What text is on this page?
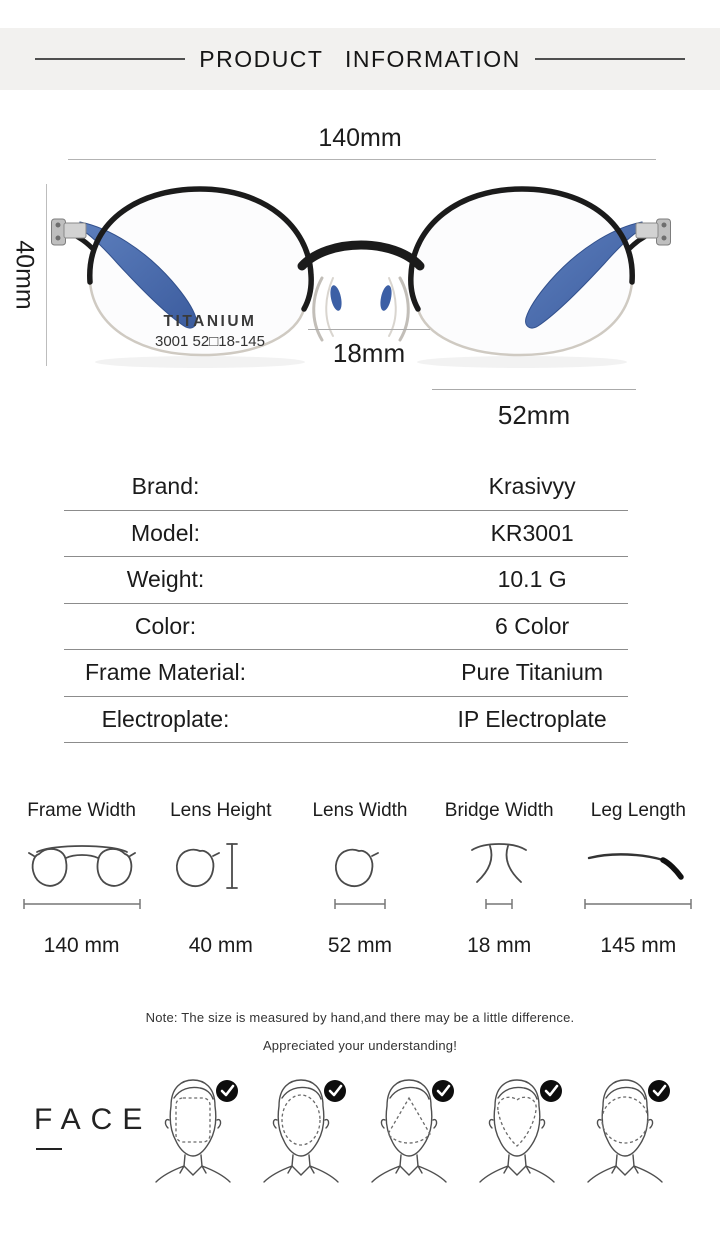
PRODUCT INFORMATION
140mm
40mm
TITANIUM
3001 52□18-145	18mm
52mm
Brand:	Krasivyy
Model:	KR3001
Weight:	10.1 G
Color:	6 Color
Frame Material:	Pure Titanium
Electroplate:	IP Electroplate
Frame Width
140 mm
Lens Height
40 mm
Lens Width
52 mm
Bridge Width
18 mm
Leg Length
145 mm
Note: The size is measured by hand,and there may be a little difference.
Appreciated your understanding!
FACE
